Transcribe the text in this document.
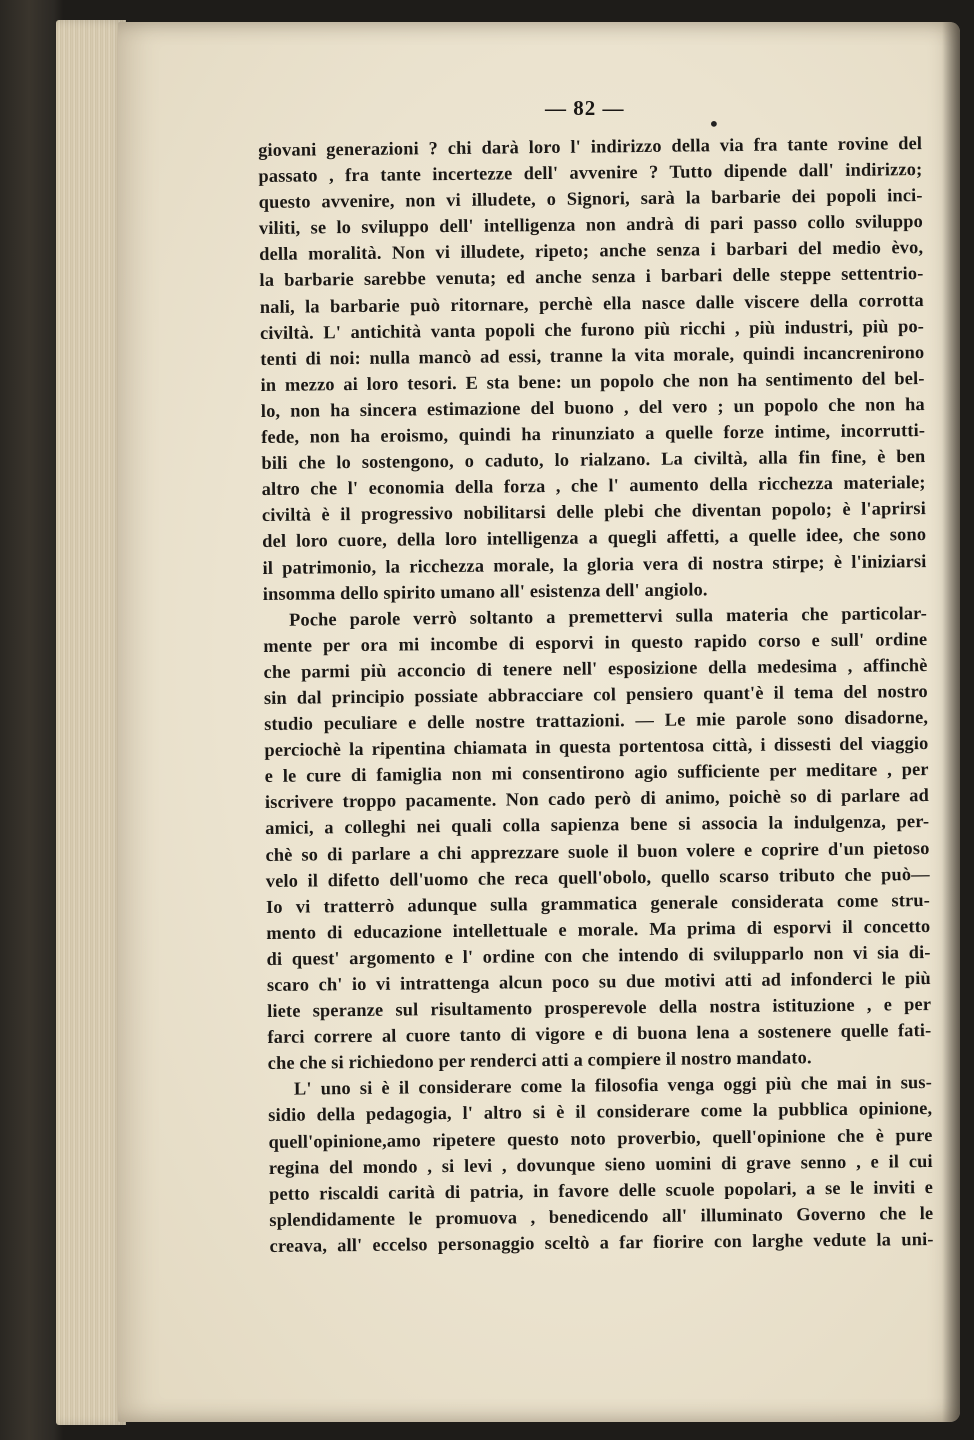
— 82 —
•
giovani generazioni ? chi darà loro l' indirizzo della via fra tante rovine del
passato , fra tante incertezze dell' avvenire ? Tutto dipende dall' indirizzo;
questo avvenire, non vi illudete, o Signori, sarà la barbarie dei popoli inci-
viliti, se lo sviluppo dell' intelligenza non andrà di pari passo collo sviluppo
della moralità. Non vi illudete, ripeto; anche senza i barbari del medio èvo,
la barbarie sarebbe venuta; ed anche senza i barbari delle steppe settentrio-
nali, la barbarie può ritornare, perchè ella nasce dalle viscere della corrotta
civiltà. L' antichità vanta popoli che furono più ricchi , più industri, più po-
tenti di noi: nulla mancò ad essi, tranne la vita morale, quindi incancrenirono
in mezzo ai loro tesori. E sta bene: un popolo che non ha sentimento del bel-
lo, non ha sincera estimazione del buono , del vero ; un popolo che non ha
fede, non ha eroismo, quindi ha rinunziato a quelle forze intime, incorrutti-
bili che lo sostengono, o caduto, lo rialzano. La civiltà, alla fin fine, è ben
altro che l' economia della forza , che l' aumento della ricchezza materiale;
civiltà è il progressivo nobilitarsi delle plebi che diventan popolo; è l'aprirsi
del loro cuore, della loro intelligenza a quegli affetti, a quelle idee, che sono
il patrimonio, la ricchezza morale, la gloria vera di nostra stirpe; è l'iniziarsi
insomma dello spirito umano all' esistenza dell' angiolo.
Poche parole verrò soltanto a premettervi sulla materia che particolar-
mente per ora mi incombe di esporvi in questo rapido corso e sull' ordine
che parmi più acconcio di tenere nell' esposizione della medesima , affinchè
sin dal principio possiate abbracciare col pensiero quant'è il tema del nostro
studio peculiare e delle nostre trattazioni. — Le mie parole sono disadorne,
perciochè la ripentina chiamata in questa portentosa città, i dissesti del viaggio
e le cure di famiglia non mi consentirono agio sufficiente per meditare , per
iscrivere troppo pacamente. Non cado però di animo, poichè so di parlare ad
amici, a colleghi nei quali colla sapienza bene si associa la indulgenza, per-
chè so di parlare a chi apprezzare suole il buon volere e coprire d'un pietoso
velo il difetto dell'uomo che reca quell'obolo, quello scarso tributo che può—
Io vi tratterrò adunque sulla grammatica generale considerata come stru-
mento di educazione intellettuale e morale. Ma prima di esporvi il concetto
di quest' argomento e l' ordine con che intendo di svilupparlo non vi sia di-
scaro ch' io vi intrattenga alcun poco su due motivi atti ad infonderci le più
liete speranze sul risultamento prosperevole della nostra istituzione , e per
farci correre al cuore tanto di vigore e di buona lena a sostenere quelle fati-
che che si richiedono per renderci atti a compiere il nostro mandato.
L' uno si è il considerare come la filosofia venga oggi più che mai in sus-
sidio della pedagogia, l' altro si è il considerare come la pubblica opinione,
quell'opinione,amo ripetere questo noto proverbio, quell'opinione che è pure
regina del mondo , si levi , dovunque sieno uomini di grave senno , e il cui
petto riscaldi carità di patria, in favore delle scuole popolari, a se le inviti e
splendidamente le promuova , benedicendo all' illuminato Governo che le
creava, all' eccelso personaggio sceltò a far fiorire con larghe vedute la uni-
